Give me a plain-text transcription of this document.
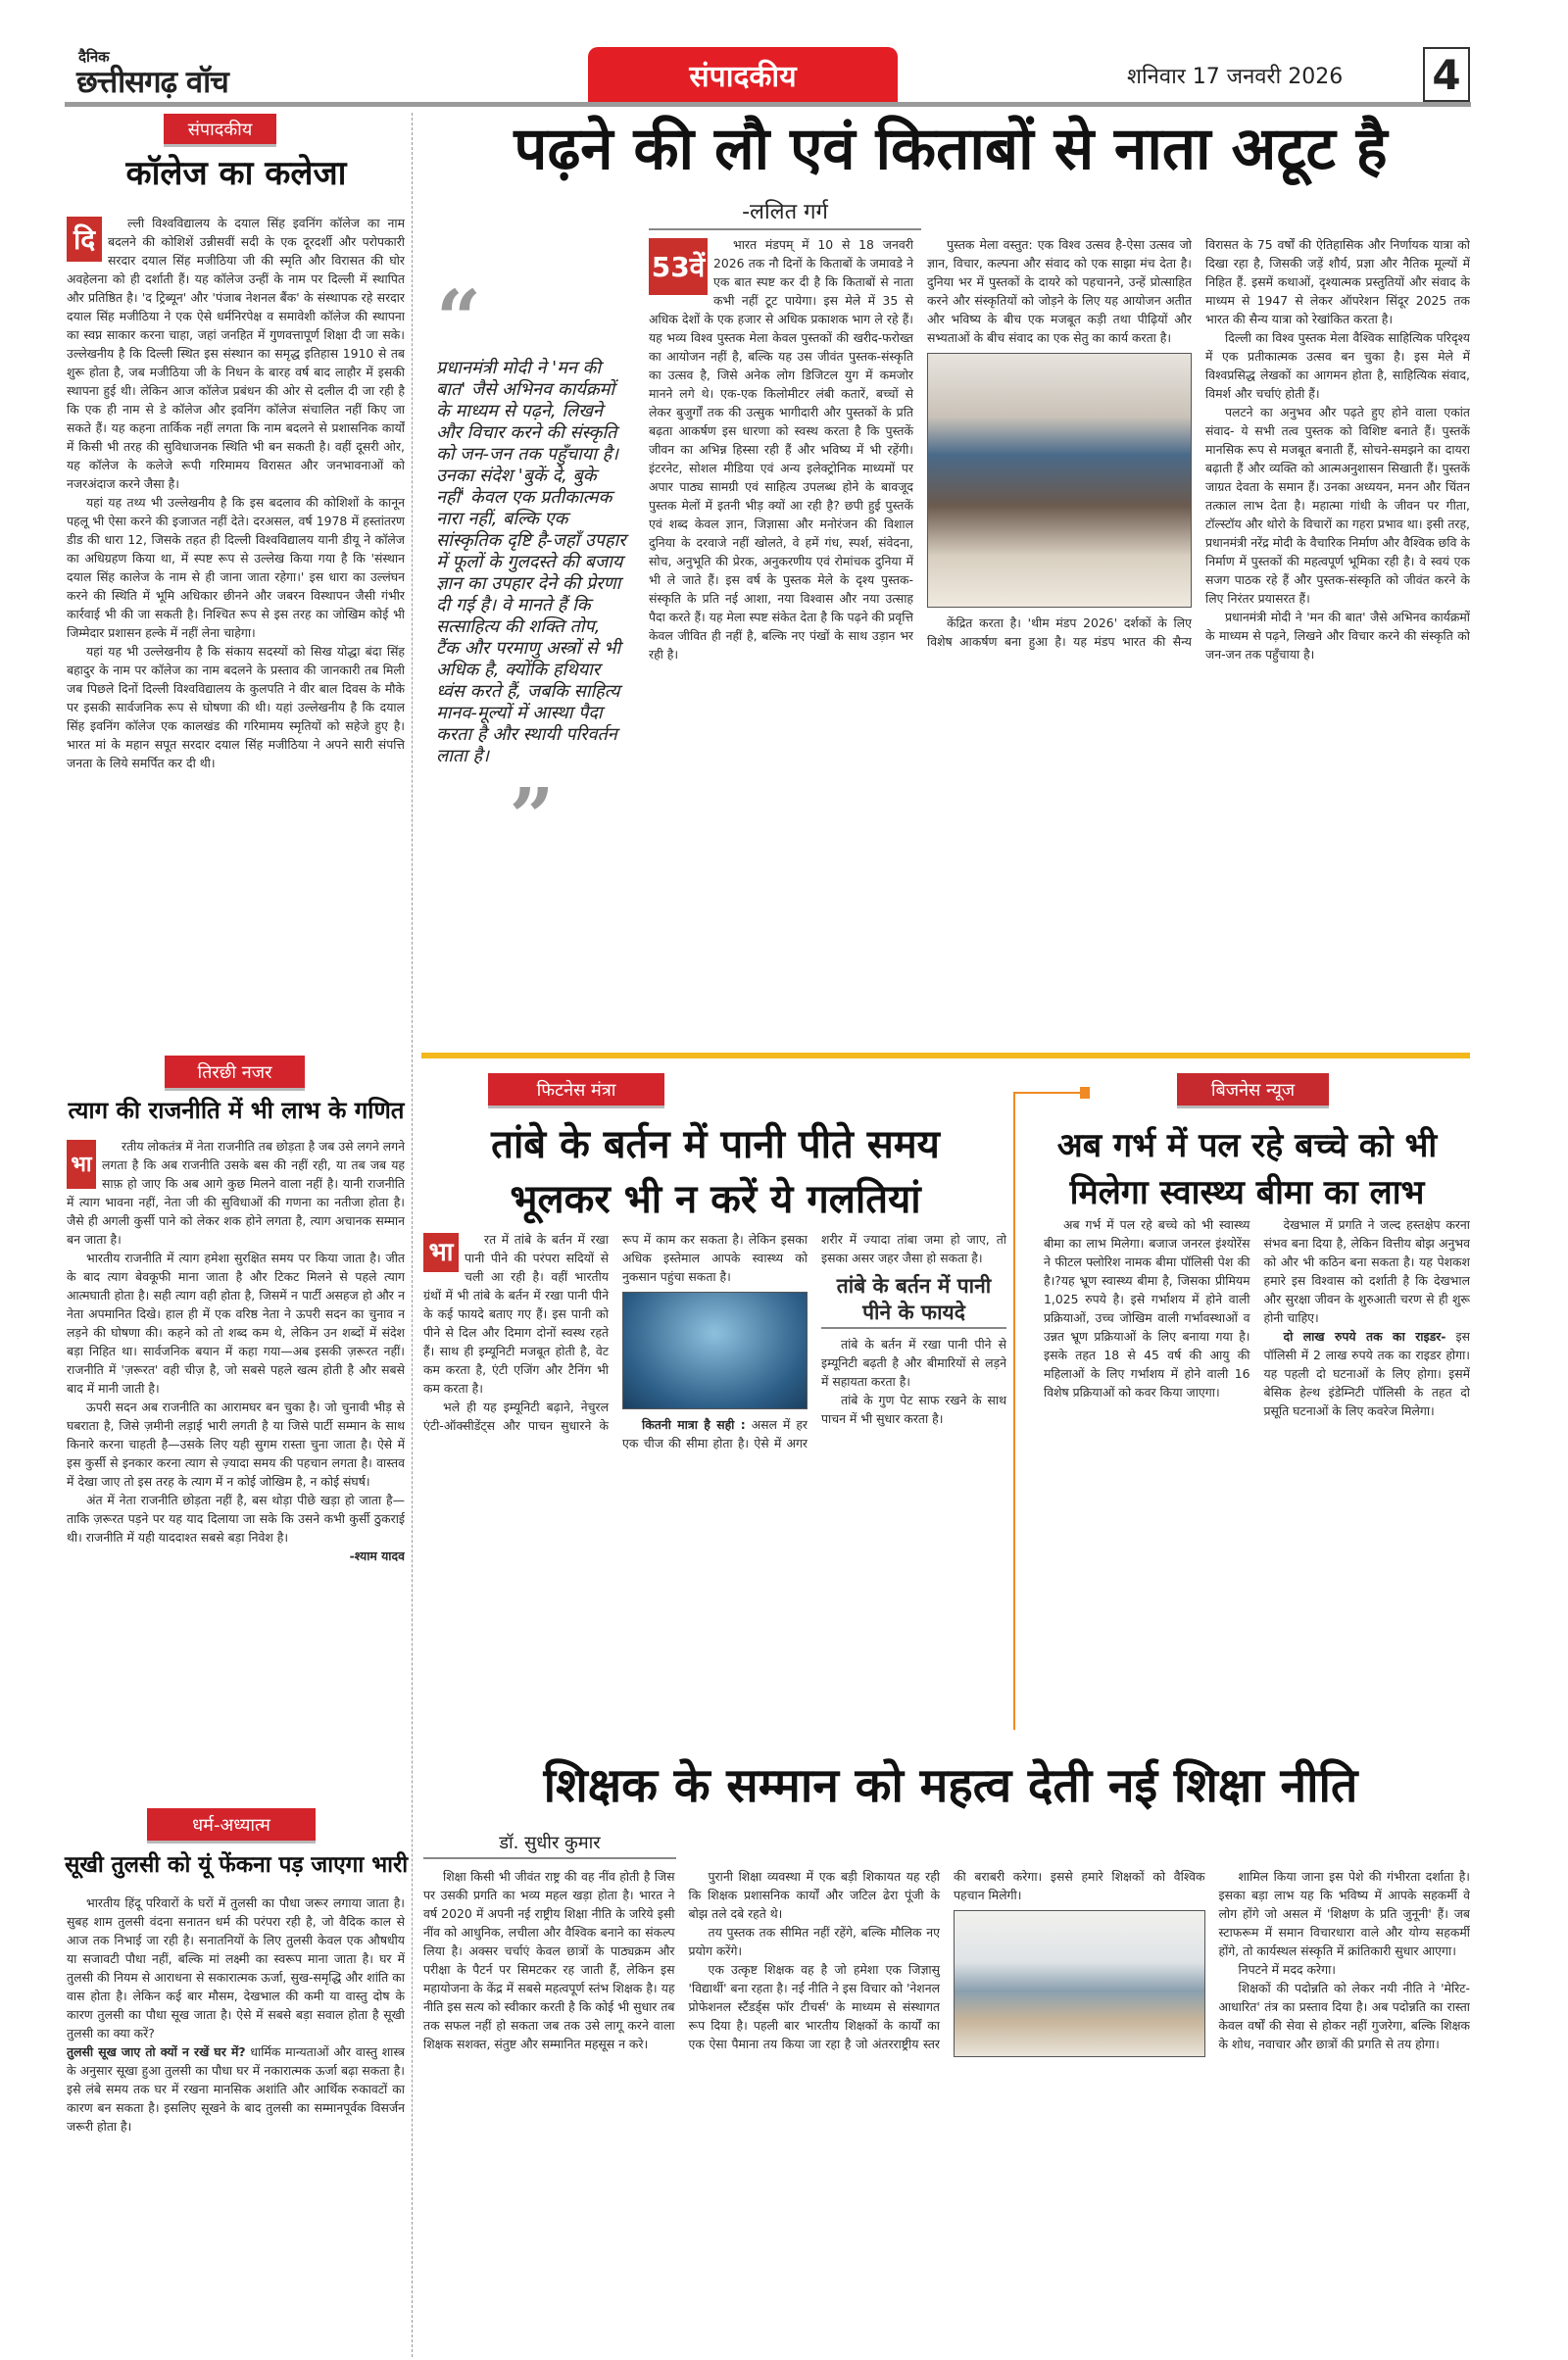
दैनिक
छत्तीसगढ़ वॉच	संपादकीय	शनिवार 17 जनवरी 2026 4
संपादकीय
कॉलेज का कलेजा
दि	ल्ली विश्वविद्यालय के दयाल सिंह इवनिंग कॉलेज का नाम बदलने की कोशिशें उन्नीसवीं सदी के एक दूरदर्शी और परोपकारी सरदार दयाल सिंह मजीठिया जी की स्मृति और विरासत की घोर अवहेलना को ही दर्शाती हैं। यह कॉलेज उन्हीं के नाम पर दिल्ली में स्थापित और प्रतिष्ठित है। 'द ट्रिब्यून' और 'पंजाब नेशनल बैंक' के संस्थापक रहे सरदार दयाल सिंह मजीठिया ने एक ऐसे धर्मनिरपेक्ष व समावेशी कॉलेज की स्थापना का स्वप्न साकार करना चाहा, जहां जनहित में गुणवत्तापूर्ण शिक्षा दी जा सके। उल्लेखनीय है कि दिल्ली स्थित इस संस्थान का समृद्ध इतिहास 1910 से तब शुरू होता है, जब मजीठिया जी के निधन के बारह वर्ष बाद लाहौर में इसकी स्थापना हुई थी। लेकिन आज कॉलेज प्रबंधन की ओर से दलील दी जा रही है कि एक ही नाम से डे कॉलेज और इवनिंग कॉलेज संचालित नहीं किए जा सकते हैं। यह कहना तार्किक नहीं लगता कि नाम बदलने से प्रशासनिक कार्यों में किसी भी तरह की सुविधाजनक स्थिति भी बन सकती है। वहीं दूसरी ओर, यह कॉलेज के कलेजे रूपी गरिमामय विरासत और जनभावनाओं को नजरअंदाज करने जैसा है।

यहां यह तथ्य भी उल्लेखनीय है कि इस बदलाव की कोशिशों के कानून पहलू भी ऐसा करने की इजाजत नहीं देते। दरअसल, वर्ष 1978 में हस्तांतरण डीड की धारा 12, जिसके तहत ही दिल्ली विश्वविद्यालय यानी डीयू ने कॉलेज का अधिग्रहण किया था, में स्पष्ट रूप से उल्लेख किया गया है कि 'संस्थान दयाल सिंह कालेज के नाम से ही जाना जाता रहेगा।' इस धारा का उल्लंघन करने की स्थिति में भूमि अधिकार छीनने और जबरन विस्थापन जैसी गंभीर कार्रवाई भी की जा सकती है। निश्चित रूप से इस तरह का जोखिम कोई भी जिम्मेदार प्रशासन हल्के में नहीं लेना चाहेगा।

यहां यह भी उल्लेखनीय है कि संकाय सदस्यों को सिख योद्धा बंदा सिंह बहादुर के नाम पर कॉलेज का नाम बदलने के प्रस्ताव की जानकारी तब मिली जब पिछले दिनों दिल्ली विश्वविद्यालय के कुलपति ने वीर बाल दिवस के मौके पर इसकी सार्वजनिक रूप से घोषणा की थी। यहां उल्लेखनीय है कि दयाल सिंह इवनिंग कॉलेज एक कालखंड की गरिमामय स्मृतियों को सहेजे हुए है। भारत मां के महान सपूत सरदार दयाल सिंह मजीठिया ने अपने सारी संपत्ति जनता के लिये समर्पित कर दी थी।

तिरछी नजर
त्याग की राजनीति में भी लाभ के गणित
भा

रतीय लोकतंत्र में नेता राजनीति तब छोड़ता है जब उसे लगने लगने लगता है कि अब राजनीति उसके बस की नहीं रही, या तब जब यह साफ़ हो जाए कि अब आगे कुछ मिलने वाला नहीं है। यानी राजनीति में त्याग भावना नहीं, नेता जी की सुविधाओं की गणना का नतीजा होता है। जैसे ही अगली कुर्सी पाने को लेकर शक होने लगता है, त्याग अचानक सम्मान बन जाता है।

भारतीय राजनीति में त्याग हमेशा सुरक्षित समय पर किया जाता है। जीत के बाद त्याग बेवकूफी माना जाता है और टिकट मिलने से पहले त्याग आत्मघाती होता है। सही त्याग वही होता है, जिसमें न पार्टी असहज हो और न नेता अपमानित दिखे। हाल ही में एक वरिष्ठ नेता ने ऊपरी सदन का चुनाव न लड़ने की घोषणा की। कहने को तो शब्द कम थे, लेकिन उन शब्दों में संदेश बड़ा निहित था। सार्वजनिक बयान में कहा गया—अब इसकी ज़रूरत नहीं। राजनीति में 'ज़रूरत' वही चीज़ है, जो सबसे पहले खत्म होती है और सबसे बाद में मानी जाती है।

ऊपरी सदन अब राजनीति का आरामघर बन चुका है। जो चुनावी भीड़ से घबराता है, जिसे ज़मीनी लड़ाई भारी लगती है या जिसे पार्टी सम्मान के साथ किनारे करना चाहती है—उसके लिए यही सुगम रास्ता चुना जाता है। ऐसे में इस कुर्सी से इनकार करना त्याग से ज़्यादा समय की पहचान लगता है। वास्तव में देखा जाए तो इस तरह के त्याग में न कोई जोखिम है, न कोई संघर्ष।

अंत में नेता राजनीति छोड़ता नहीं है, बस थोड़ा पीछे खड़ा हो जाता है—ताकि ज़रूरत पड़ने पर यह याद दिलाया जा सके कि उसने कभी कुर्सी ठुकराई थी। राजनीति में यही याददाश्त सबसे बड़ा निवेश है।

-श्याम यादव
धर्म-अध्यात्म
सूखी तुलसी को यूं फेंकना पड़ जाएगा भारी

भारतीय हिंदू परिवारों के घरों में तुलसी का पौधा जरूर लगाया जाता है। सुबह शाम तुलसी वंदना सनातन धर्म की परंपरा रही है, जो वैदिक काल से आज तक निभाई जा रही है। सनातनियों के लिए तुलसी केवल एक औषधीय या सजावटी पौधा नहीं, बल्कि मां लक्ष्मी का स्वरूप माना जाता है। घर में तुलसी की नियम से आराधना से सकारात्मक ऊर्जा, सुख-समृद्धि और शांति का वास होता है। लेकिन कई बार मौसम, देखभाल की कमी या वास्तु दोष के कारण तुलसी का पौधा सूख जाता है। ऐसे में सबसे बड़ा सवाल होता है सूखी तुलसी का क्या करें?

तुलसी सूख जाए तो क्यों न रखें घर में? धार्मिक मान्यताओं और वास्तु शास्त्र के अनुसार सूखा हुआ तुलसी का पौधा घर में नकारात्मक ऊर्जा बढ़ा सकता है। इसे लंबे समय तक घर में रखना मानसिक अशांति और आर्थिक रुकावटों का कारण बन सकता है। इसलिए सूखने के बाद तुलसी का सम्मानपूर्वक विसर्जन जरूरी होता है।

पढ़ने की लौ एवं किताबों से नाता अटूट है
“
प्रधानमंत्री मोदी ने 'मन की बात' जैसे अभिनव कार्यक्रमों के माध्यम से पढ़ने, लिखने और विचार करने की संस्कृति को जन-जन तक पहुँचाया है। उनका संदेश 'बुकें दे, बुके नहीं' केवल एक प्रतीकात्मक नारा नहीं, बल्कि एक सांस्कृतिक दृष्टि है-जहाँ उपहार में फूलों के गुलदस्ते की बजाय ज्ञान का उपहार देने की प्रेरणा दी गई है। वे मानते हैं कि सत्साहित्य की शक्ति तोप, टैंक और परमाणु अस्त्रों से भी अधिक है, क्योंकि हथियार ध्वंस करते हैं, जबकि साहित्य मानव-मूल्यों में आस्था पैदा करता है और स्थायी परिवर्तन लाता है।
”
-ललित गर्ग
53वें

भारत मंडपम् में 10 से 18 जनवरी 2026 तक नौ दिनों के किताबों के जमावडे ने एक बात स्पष्ट कर दी है कि किताबों से नाता कभी नहीं टूट पायेगा। इस मेले में 35 से अधिक देशों के एक हजार से अधिक प्रकाशक भाग ले रहे हैं। यह भव्य विश्व पुस्तक मेला केवल पुस्तकों की खरीद-फरोख्त का आयोजन नहीं है, बल्कि यह उस जीवंत पुस्तक-संस्कृति का उत्सव है, जिसे अनेक लोग डिजिटल युग में कमजोर मानने लगे थे। एक-एक किलोमीटर लंबी कतारें, बच्चों से लेकर बुजुर्गों तक की उत्सुक भागीदारी और पुस्तकों के प्रति बढ़ता आकर्षण इस धारणा को स्वस्थ करता है कि पुस्तकें जीवन का अभिन्न हिस्सा रही हैं और भविष्य में भी रहेंगी। इंटरनेट, सोशल मीडिया एवं अन्य इलेक्ट्रोनिक माध्यमों पर अपार पाठ्य सामग्री एवं साहित्य उपलब्ध होने के बावजूद पुस्तक मेलों में इतनी भीड़ क्यों आ रही है? छपी हुई पुस्तकें एवं शब्द केवल ज्ञान, जिज्ञासा और मनोरंजन की विशाल दुनिया के दरवाजे नहीं खोलते, वे हमें गंध, स्पर्श, संवेदना, सोच, अनुभूति की प्रेरक, अनुकरणीय एवं रोमांचक दुनिया में भी ले जाते हैं। इस वर्ष के पुस्तक मेले के दृश्य पुस्तक-संस्कृति के प्रति नई आशा, नया विश्वास और नया उत्साह पैदा करते हैं। यह मेला स्पष्ट संकेत देता है कि पढ़ने की प्रवृत्ति केवल जीवित ही नहीं है, बल्कि नए पंखों के साथ उड़ान भर रही है।

पुस्तक मेला वस्तुत: एक विश्व उत्सव है-ऐसा उत्सव जो ज्ञान, विचार, कल्पना और संवाद को एक साझा मंच देता है। दुनिया भर में पुस्तकों के दायरे को पहचानने, उन्हें प्रोत्साहित करने और संस्कृतियों को जोड़ने के लिए यह आयोजन अतीत और भविष्य के बीच एक मजबूत कड़ी तथा पीढ़ियों और सभ्यताओं के बीच संवाद का एक सेतु का कार्य करता है।

केंद्रित करता है। 'थीम मंडप 2026' दर्शकों के लिए विशेष आकर्षण बना हुआ है। यह मंडप भारत की सैन्य विरासत के 75 वर्षों की ऐतिहासिक और निर्णायक यात्रा को दिखा रहा है, जिसकी जड़ें शौर्य, प्रज्ञा और नैतिक मूल्यों में निहित हैं. इसमें कथाओं, दृश्यात्मक प्रस्तुतियों और संवाद के माध्यम से 1947 से लेकर ऑपरेशन सिंदूर 2025 तक भारत की सैन्य यात्रा को रेखांकित करता है।

दिल्ली का विश्व पुस्तक मेला वैश्विक साहित्यिक परिदृश्य में एक प्रतीकात्मक उत्सव बन चुका है। इस मेले में विश्वप्रसिद्ध लेखकों का आगमन होता है, साहित्यिक संवाद, विमर्श और चर्चाएं होती हैं।

पलटने का अनुभव और पढ़ते हुए होने वाला एकांत संवाद- ये सभी तत्व पुस्तक को विशिष्ट बनाते हैं। पुस्तकें मानसिक रूप से मजबूत बनाती हैं, सोचने-समझने का दायरा बढ़ाती हैं और व्यक्ति को आत्मअनुशासन सिखाती हैं। पुस्तकें जाग्रत देवता के समान हैं। उनका अध्ययन, मनन और चिंतन तत्काल लाभ देता है। महात्मा गांधी के जीवन पर गीता, टॉल्स्टॉय और थोरो के विचारों का गहरा प्रभाव था। इसी तरह, प्रधानमंत्री नरेंद्र मोदी के वैचारिक निर्माण और वैश्विक छवि के निर्माण में पुस्तकों की महत्वपूर्ण भूमिका रही है। वे स्वयं एक सजग पाठक रहे हैं और पुस्तक-संस्कृति को जीवंत करने के लिए निरंतर प्रयासरत हैं।

प्रधानमंत्री मोदी ने 'मन की बात' जैसे अभिनव कार्यक्रमों के माध्यम से पढ़ने, लिखने और विचार करने की संस्कृति को जन-जन तक पहुँचाया है।

फिटनेस मंत्रा
तांबे के बर्तन में पानी पीते समय
भूलकर भी न करें ये गलतियां
भा	रत में तांबे के बर्तन में रखा पानी पीने की परंपरा सदियों से चली आ रही है। वहीं भारतीय ग्रंथों में भी तांबे के बर्तन में रखा पानी पीने के कई फायदे बताए गए हैं। इस पानी को पीने से दिल और दिमाग दोनों स्वस्थ रहते हैं। साथ ही इम्यूनिटी मजबूत होती है, वेट कम करता है, एंटी एजिंग और टैनिंग भी कम करता है।

भले ही यह इम्यूनिटी बढ़ाने, नेचुरल एंटी-ऑक्सीडेंट्स और पाचन सुधारने के रूप में काम कर सकता है। लेकिन इसका अधिक इस्तेमाल आपके स्वास्थ्य को नुकसान पहुंचा सकता है।

कितनी मात्रा है सही : असल में हर एक चीज की सीमा होता है। ऐसे में अगर शरीर में ज्यादा तांबा जमा हो जाए, तो इसका असर जहर जैसा हो सकता है।

तांबे के बर्तन में पानी पीने के फायदे

तांबे के बर्तन में रखा पानी पीने से इम्यूनिटी बढ़ती है और बीमारियों से लड़ने में सहायता करता है।

तांबे के गुण पेट साफ रखने के साथ पाचन में भी सुधार करता है।

बिजनेस न्यूज
अब गर्भ में पल रहे बच्चे को भी
मिलेगा स्वास्थ्य बीमा का लाभ

अब गर्भ में पल रहे बच्चे को भी स्वास्थ्य बीमा का लाभ मिलेगा। बजाज जनरल इंश्योरेंस ने फीटल फ्लोरिश नामक बीमा पॉलिसी पेश की है।?यह भ्रूण स्वास्थ्य बीमा है, जिसका प्रीमियम 1,025 रुपये है। इसे गर्भाशय में होने वाली प्रक्रियाओं, उच्च जोखिम वाली गर्भावस्थाओं व उन्नत भ्रूण प्रक्रियाओं के लिए बनाया गया है। इसके तहत 18 से 45 वर्ष की आयु की महिलाओं के लिए गर्भाशय में होने वाली 16 विशेष प्रक्रियाओं को कवर किया जाएगा।

देखभाल में प्रगति ने जल्द हस्तक्षेप करना संभव बना दिया है, लेकिन वित्तीय बोझ अनुभव को और भी कठिन बना सकता है। यह पेशकश हमारे इस विश्वास को दर्शाती है कि देखभाल और सुरक्षा जीवन के शुरुआती चरण से ही शुरू होनी चाहिए।

दो लाख रुपये तक का राइडर- इस पॉलिसी में 2 लाख रुपये तक का राइडर होगा। यह पहली दो घटनाओं के लिए होगा। इसमें बेसिक हेल्थ इंडेम्निटी पॉलिसी के तहत दो प्रसूति घटनाओं के लिए कवरेज मिलेगा।

शिक्षक के सम्मान को महत्व देती नई शिक्षा नीति
डॉ. सुधीर कुमार

शिक्षा किसी भी जीवंत राष्ट्र की वह नींव होती है जिस पर उसकी प्रगति का भव्य महल खड़ा होता है। भारत ने वर्ष 2020 में अपनी नई राष्ट्रीय शिक्षा नीति के जरिये इसी नींव को आधुनिक, लचीला और वैश्विक बनाने का संकल्प लिया है। अक्सर चर्चाएं केवल छात्रों के पाठ्यक्रम और परीक्षा के पैटर्न पर सिमटकर रह जाती हैं, लेकिन इस महायोजना के केंद्र में सबसे महत्वपूर्ण स्तंभ शिक्षक है। यह नीति इस सत्य को स्वीकार करती है कि कोई भी सुधार तब तक सफल नहीं हो सकता जब तक उसे लागू करने वाला शिक्षक सशक्त, संतुष्ट और सम्मानित महसूस न करे।

पुरानी शिक्षा व्यवस्था में एक बड़ी शिकायत यह रही कि शिक्षक प्रशासनिक कार्यों और जटिल ढेरा पूंजी के बोझ तले दबे रहते थे।

तय पुस्तक तक सीमित नहीं रहेंगे, बल्कि मौलिक नए प्रयोग करेंगे।

एक उत्कृष्ट शिक्षक वह है जो हमेशा एक जिज्ञासु 'विद्यार्थी' बना रहता है। नई नीति ने इस विचार को 'नेशनल प्रोफेशनल स्टैंडर्ड्स फॉर टीचर्स' के माध्यम से संस्थागत रूप दिया है। पहली बार भारतीय शिक्षकों के कार्यों का एक ऐसा पैमाना तय किया जा रहा है जो अंतरराष्ट्रीय स्तर की बराबरी करेगा। इससे हमारे शिक्षकों को वैश्विक पहचान मिलेगी।

शामिल किया जाना इस पेशे की गंभीरता दर्शाता है। इसका बड़ा लाभ यह कि भविष्य में आपके सहकर्मी वे लोग होंगे जो असल में 'शिक्षण के प्रति जुनूनी' हैं। जब स्टाफरूम में समान विचारधारा वाले और योग्य सहकर्मी होंगे, तो कार्यस्थल संस्कृति में क्रांतिकारी सुधार आएगा।

निपटने में मदद करेगा।

शिक्षकों की पदोन्नति को लेकर नयी नीति ने 'मेरिट-आधारित' तंत्र का प्रस्ताव दिया है। अब पदोन्नति का रास्ता केवल वर्षों की सेवा से होकर नहीं गुजरेगा, बल्कि शिक्षक के शोध, नवाचार और छात्रों की प्रगति से तय होगा।
